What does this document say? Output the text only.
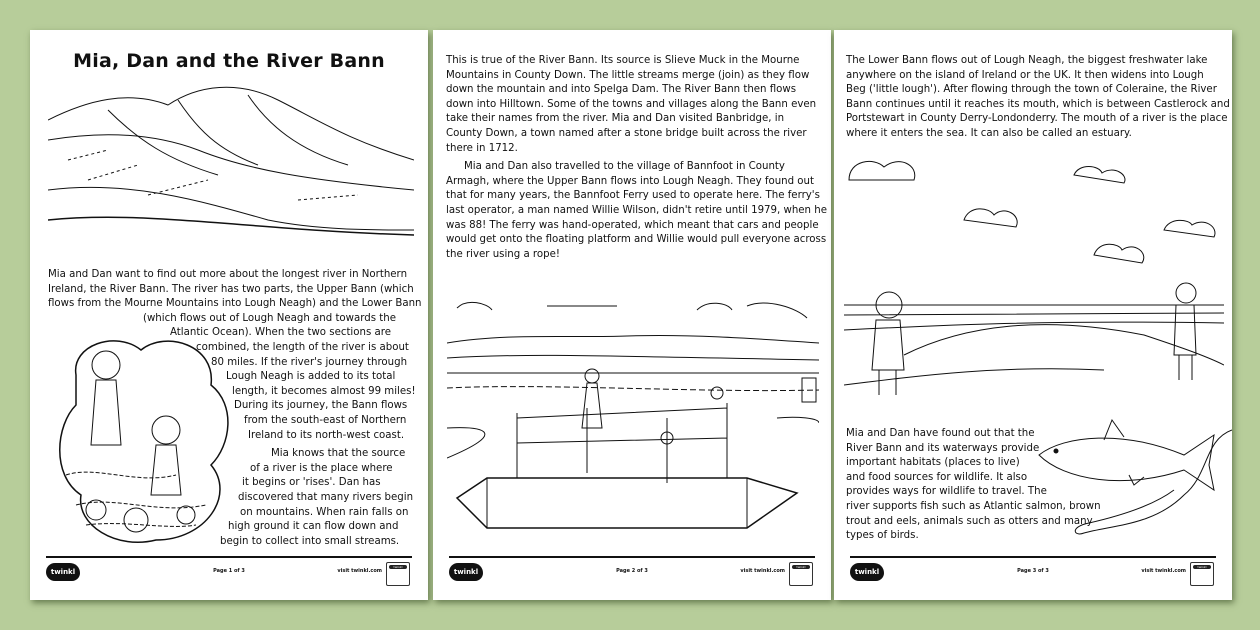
Mia, Dan and the River Bann
Mia and Dan want to find out more about the longest river in Northern
Ireland, the River Bann. The river has two parts, the Upper Bann (which
flows from the Mourne Mountains into Lough Neagh) and the Lower Bann
(which flows out of Lough Neagh and towards the
Atlantic Ocean). When the two sections are
combined, the length of the river is about
80 miles. If the river's journey through
Lough Neagh is added to its total
length, it becomes almost 99 miles!
During its journey, the Bann flows
from the south-east of Northern
Ireland to its north-west coast.
Mia knows that the source
of a river is the place where
it begins or 'rises'. Dan has
discovered that many rivers begin
on mountains. When rain falls on
high ground it can flow down and
begin to collect into small streams.
twinkl	Page 1 of 3	visit twinkl.com
twinkl
This is true of the River Bann. Its source is Slieve Muck in the Mourne
Mountains in County Down. The little streams merge (join) as they flow
down the mountain and into Spelga Dam. The River Bann then flows
down into Hilltown. Some of the towns and villages along the Bann even
take their names from the river. Mia and Dan visited Banbridge, in
County Down, a town named after a stone bridge built across the river
there in 1712.
Mia and Dan also travelled to the village of Bannfoot in County
Armagh, where the Upper Bann flows into Lough Neagh. They found out
that for many years, the Bannfoot Ferry used to operate here. The ferry's
last operator, a man named Willie Wilson, didn't retire until 1979, when he
was 88! The ferry was hand-operated, which meant that cars and people
would get onto the floating platform and Willie would pull everyone across
the river using a rope!
twinkl	Page 2 of 3	visit twinkl.com
twinkl
The Lower Bann flows out of Lough Neagh, the biggest freshwater lake
anywhere on the island of Ireland or the UK. It then widens into Lough
Beg ('little lough'). After flowing through the town of Coleraine, the River
Bann continues until it reaches its mouth, which is between Castlerock and
Portstewart in County Derry-Londonderry. The mouth of a river is the place
where it enters the sea. It can also be called an estuary.
Mia and Dan have found out that the
River Bann and its waterways provide
important habitats (places to live)
and food sources for wildlife. It also
provides ways for wildlife to travel. The
river supports fish such as Atlantic salmon, brown
trout and eels, animals such as otters and many
types of birds.
twinkl	Page 3 of 3	visit twinkl.com
twinkl
